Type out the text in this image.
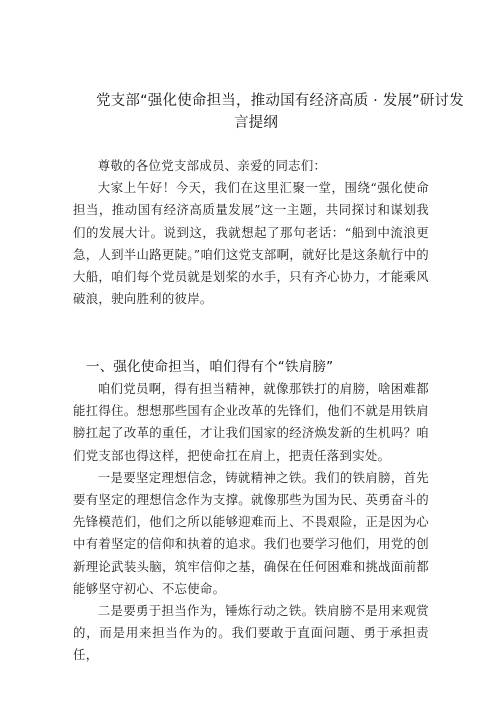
党支部“强化使命担当，推动国有经济高质 · 发展”研讨发
言提纲

尊敬的各位党支部成员、亲爱的同志们：

大家上午好！今天，我们在这里汇聚一堂，围绕“强化使命担当，推动国有经济高质量发展”这一主题，共同探讨和谋划我们的发展大计。说到这，我就想起了那句老话：“船到中流浪更急，人到半山路更陡。”咱们这党支部啊，就好比是这条航行中的大船，咱们每个党员就是划桨的水手，只有齐心协力，才能乘风破浪，驶向胜利的彼岸。

一、强化使命担当，咱们得有个“铁肩膀”

咱们党员啊，得有担当精神，就像那铁打的肩膀，啥困难都能扛得住。想想那些国有企业改革的先锋们，他们不就是用铁肩膀扛起了改革的重任，才让我们国家的经济焕发新的生机吗？咱们党支部也得这样，把使命扛在肩上，把责任落到实处。

一是要坚定理想信念，铸就精神之铁。我们的铁肩膀，首先要有坚定的理想信念作为支撑。就像那些为国为民、英勇奋斗的先锋模范们，他们之所以能够迎难而上、不畏艰险，正是因为心中有着坚定的信仰和执着的追求。我们也要学习他们，用党的创新理论武装头脑，筑牢信仰之基，确保在任何困难和挑战面前都能够坚守初心、不忘使命。

二是要勇于担当作为，锤炼行动之铁。铁肩膀不是用来观赏的，而是用来担当作为的。我们要敢于直面问题、勇于承担责任，
